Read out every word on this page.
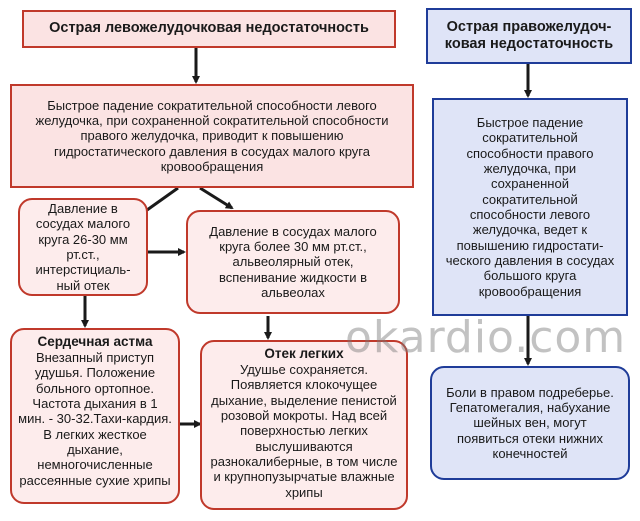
Острая левожелудочковая недостаточность	Острая правожелудоч-ковая недостаточность
Быстрое падение сократительной способности левого желудочка, при сохраненной сократительной способности правого желудочка, приводит к повышению гидростатического давления в сосудах малого круга кровообращения
Давление в сосудах малого круга 26-30 мм рт.ст., интерстициаль-ный отек
Давление в сосудах малого круга более 30 мм рт.ст., альвеолярный отек, вспенивание жидкости в альвеолах
Сердечная астма
Внезапный приступ удушья. Положение больного ортопное. Частота дыхания в 1 мин. - 30-32.Тахи-кардия. В легких жесткое дыхание, немногочисленные рассеянные сухие хрипы
Отек легких
Удушье сохраняется. Появляется клокочущее дыхание, выделение пенистой розовой мокроты. Над всей поверхностью легких выслушиваются разнокалиберные, в том числе и крупнопузырчатые влажные хрипы
Быстрое падение сократительной способности правого желудочка, при сохраненной сократительной способности левого желудочка, ведет к повышению гидростати-ческого давления в сосудах большого круга кровообращения
Боли в правом подреберье. Гепатомегалия, набухание шейных вен, могут появиться отеки нижних конечностей
okardio.com
